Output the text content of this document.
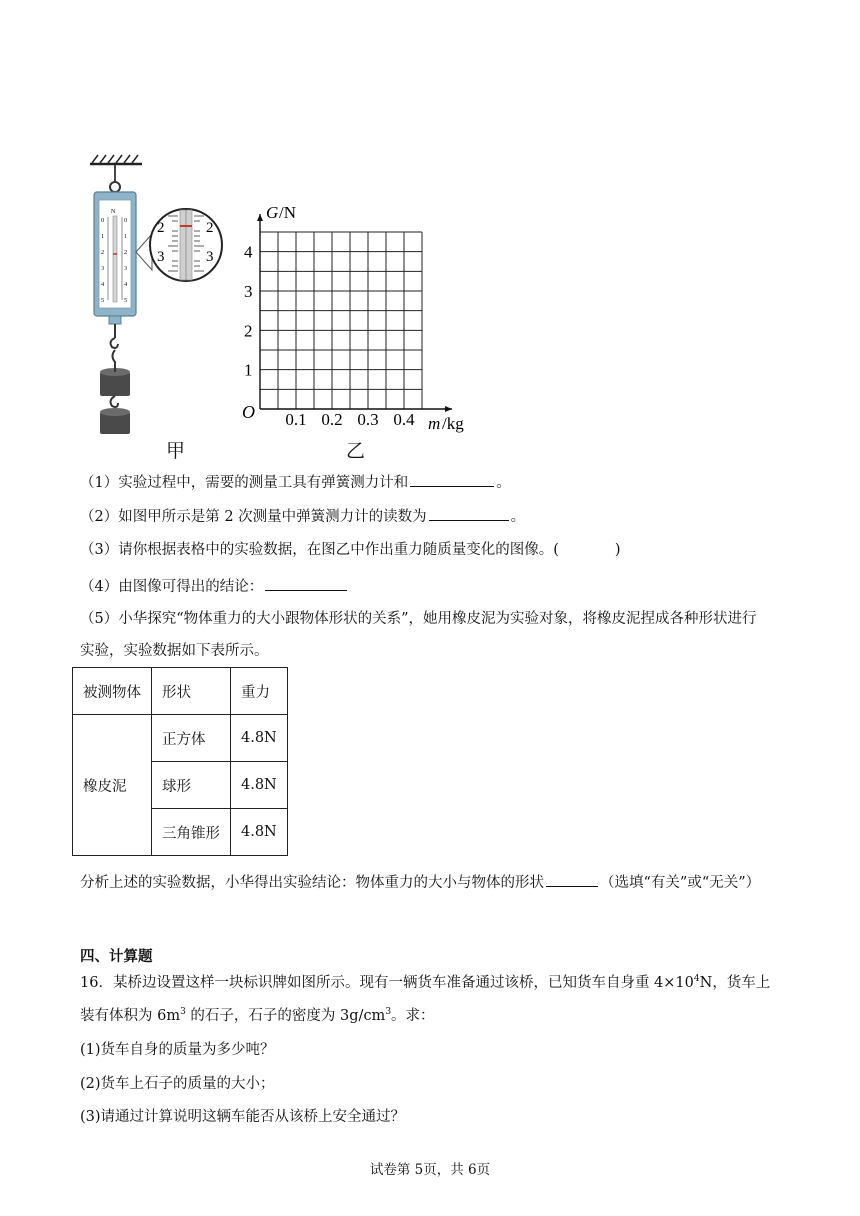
N
0
1
2
3
4
5
0
1
2
3
4
5
2	2
3	3
甲
0.1 0.2 0.3 0.4
1
2
3
4
G /N
O
m /kg
乙
（1）实验过程中，需要的测量工具有弹簧测力计和	。
（2）如图甲所示是第 2 次测量中弹簧测力计的读数为	。
（3）请你根据表格中的实验数据，在图乙中作出重力随质量变化的图像。(	)
（4）由图像可得出的结论：
（5）小华探究“物体重力的大小跟物体形状的关系”，她用橡皮泥为实验对象，将橡皮泥捏成各种形状进行
实验，实验数据如下表所示。
被测物体	形状	重力
橡皮泥	正方体	4.8N
	球形	4.8N
	三角锥形	4.8N
分析上述的实验数据，小华得出实验结论：物体重力的大小与物体的形状	（选填“有关”或“无关”）
四、计算题
16．某桥边设置这样一块标识牌如图所示。现有一辆货车准备通过该桥，已知货车自身重 $4\times 10^4N$，货车上
装有体积为 $6m^3$ 的石子，石子的密度为 $3g/cm^3$。求：
(1)货车自身的质量为多少吨？
(2)货车上石子的质量的大小；
(3)请通过计算说明这辆车能否从该桥上安全通过？
试卷第 5页，共 6页
